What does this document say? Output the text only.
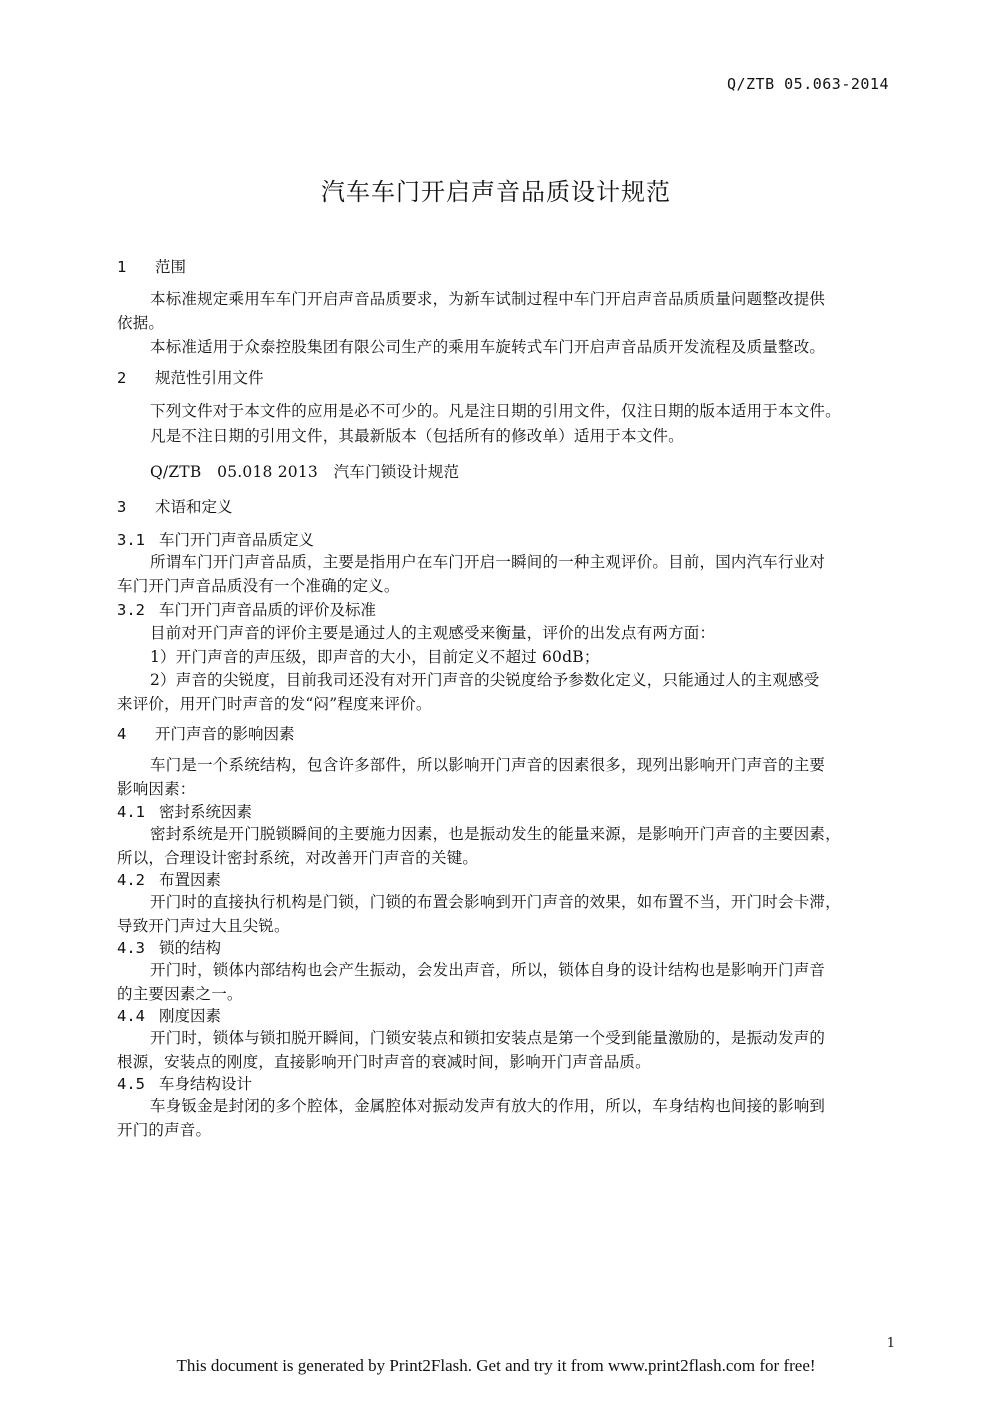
Q/ZTB 05.063-2014
汽车车门开启声音品质设计规范
1 范围
本标准规定乘用车车门开启声音品质要求，为新车试制过程中车门开启声音品质质量问题整改提供
依据。
本标准适用于众泰控股集团有限公司生产的乘用车旋转式车门开启声音品质开发流程及质量整改。
2 规范性引用文件
下列文件对于本文件的应用是必不可少的。凡是注日期的引用文件，仅注日期的版本适用于本文件。
凡是不注日期的引用文件，其最新版本（包括所有的修改单）适用于本文件。
Q/ZTB　05.018 2013　汽车门锁设计规范
3 术语和定义
3.1 车门开门声音品质定义
所谓车门开门声音品质，主要是指用户在车门开启一瞬间的一种主观评价。目前，国内汽车行业对
车门开门声音品质没有一个准确的定义。
3.2 车门开门声音品质的评价及标准
目前对开门声音的评价主要是通过人的主观感受来衡量，评价的出发点有两方面：
1）开门声音的声压级，即声音的大小，目前定义不超过 60dB；
2）声音的尖锐度，目前我司还没有对开门声音的尖锐度给予参数化定义，只能通过人的主观感受
来评价，用开门时声音的发“闷”程度来评价。
4 开门声音的影响因素
车门是一个系统结构，包含许多部件，所以影响开门声音的因素很多，现列出影响开门声音的主要
影响因素：
4.1 密封系统因素
密封系统是开门脱锁瞬间的主要施力因素，也是振动发生的能量来源，是影响开门声音的主要因素，
所以，合理设计密封系统，对改善开门声音的关键。
4.2 布置因素
开门时的直接执行机构是门锁，门锁的布置会影响到开门声音的效果，如布置不当，开门时会卡滞，
导致开门声过大且尖锐。
4.3 锁的结构
开门时，锁体内部结构也会产生振动，会发出声音，所以，锁体自身的设计结构也是影响开门声音
的主要因素之一。
4.4 刚度因素
开门时，锁体与锁扣脱开瞬间，门锁安装点和锁扣安装点是第一个受到能量激励的，是振动发声的
根源，安装点的刚度，直接影响开门时声音的衰减时间，影响开门声音品质。
4.5 车身结构设计
车身钣金是封闭的多个腔体，金属腔体对振动发声有放大的作用，所以，车身结构也间接的影响到
开门的声音。
1
This document is generated by Print2Flash. Get and try it from www.print2flash.com for free!
